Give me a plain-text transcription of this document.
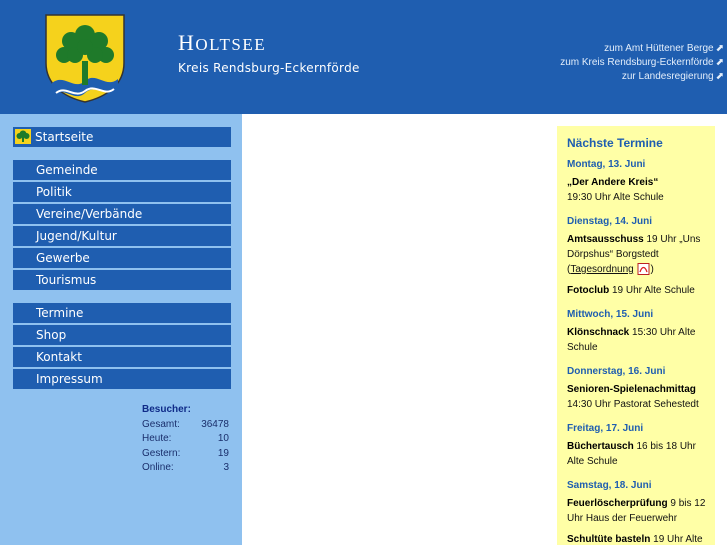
HOLTSEE
Kreis Rendsburg-Eckernförde
zum Amt Hüttener Berge ⬈
zum Kreis Rendsburg-Eckernförde ⬈
zur Landesregierung ⬈
Startseite
Gemeinde
Politik
Vereine/Verbände
Jugend/Kultur
Gewerbe
Tourismus
Termine
Shop
Kontakt
Impressum
Besucher:
Gesamt: 36478
Heute:	10
Gestern:	19
Online:	3
Nächste Termine
Montag, 13. Juni
„Der Andere Kreis“
19:30 Uhr Alte Schule
Dienstag, 14. Juni
Amtsausschuss 19 Uhr „Uns Dörpshus“ Borgstedt (Tagesordnung )
Fotoclub 19 Uhr Alte Schule
Mittwoch, 15. Juni
Klönschnack 15:30 Uhr Alte Schule
Donnerstag, 16. Juni
Senioren-Spielenachmittag
14:30 Uhr Pastorat Sehestedt
Freitag, 17. Juni
Büchertausch 16 bis 18 Uhr Alte Schule
Samstag, 18. Juni
Feuerlöscherprüfung 9 bis 12 Uhr Haus der Feuerwehr
Schultüte basteln 19 Uhr Alte
